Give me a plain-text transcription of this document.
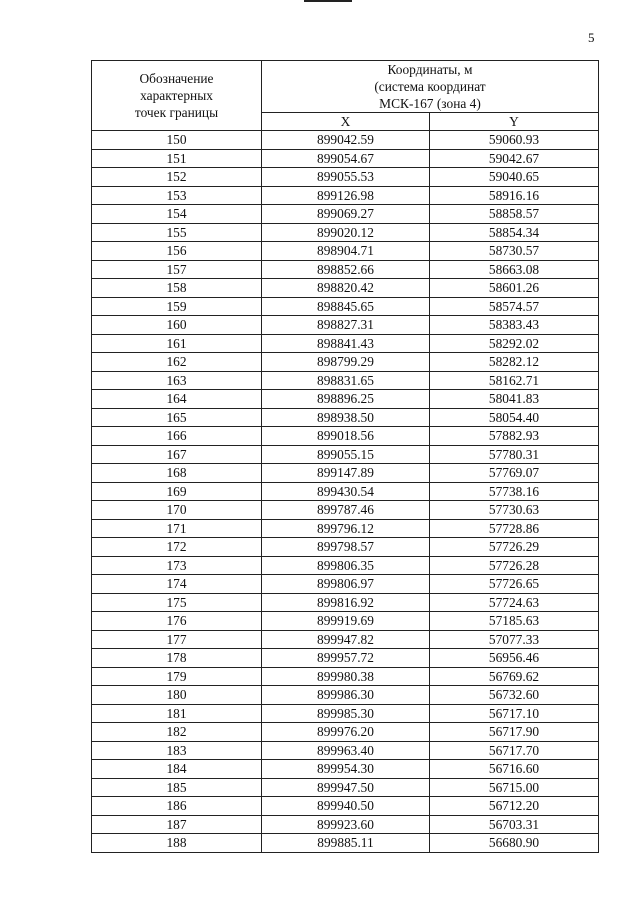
5
Обозначение
характерных
точек границы	Координаты, м
(система координат
МСК-167 (зона 4)	

	X	Y
150	899042.59	59060.93
151	899054.67	59042.67
152	899055.53	59040.65
153	899126.98	58916.16
154	899069.27	58858.57
155	899020.12	58854.34
156	898904.71	58730.57
157	898852.66	58663.08
158	898820.42	58601.26
159	898845.65	58574.57
160	898827.31	58383.43
161	898841.43	58292.02
162	898799.29	58282.12
163	898831.65	58162.71
164	898896.25	58041.83
165	898938.50	58054.40
166	899018.56	57882.93
167	899055.15	57780.31
168	899147.89	57769.07
169	899430.54	57738.16
170	899787.46	57730.63
171	899796.12	57728.86
172	899798.57	57726.29
173	899806.35	57726.28
174	899806.97	57726.65
175	899816.92	57724.63
176	899919.69	57185.63
177	899947.82	57077.33
178	899957.72	56956.46
179	899980.38	56769.62
180	899986.30	56732.60
181	899985.30	56717.10
182	899976.20	56717.90
183	899963.40	56717.70
184	899954.30	56716.60
185	899947.50	56715.00
186	899940.50	56712.20
187	899923.60	56703.31
188	899885.11	56680.90
